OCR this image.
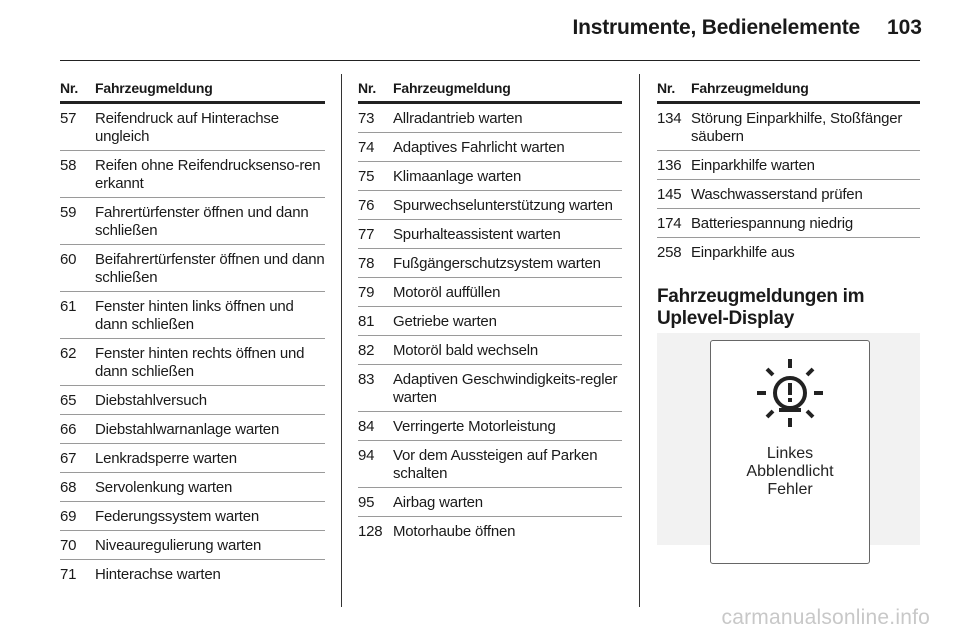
Instrumente, Bedienelemente	103
Nr.	Fahrzeugmeldung
57	Reifendruck auf Hinterachse ungleich
58	Reifen ohne Reifendrucksenso-ren erkannt
59	Fahrertürfenster öffnen und dann schließen
60	Beifahrertürfenster öffnen und dann schließen
61	Fenster hinten links öffnen und dann schließen
62	Fenster hinten rechts öffnen und dann schließen
65	Diebstahlversuch
66	Diebstahlwarnanlage warten
67	Lenkradsperre warten
68	Servolenkung warten
69	Federungssystem warten
70	Niveauregulierung warten
71	Hinterachse warten
Nr.	Fahrzeugmeldung
73	Allradantrieb warten
74	Adaptives Fahrlicht warten
75	Klimaanlage warten
76	Spurwechselunterstützung warten
77	Spurhalteassistent warten
78	Fußgängerschutzsystem warten
79	Motoröl auffüllen
81	Getriebe warten
82	Motoröl bald wechseln
83	Adaptiven Geschwindigkeits-regler warten
84	Verringerte Motorleistung
94	Vor dem Aussteigen auf Parken schalten
95	Airbag warten
128 Motorhaube öffnen
Nr.	Fahrzeugmeldung
134 Störung Einparkhilfe, Stoßfänger säubern
136 Einparkhilfe warten
145 Waschwasserstand prüfen
174 Batteriespannung niedrig
258 Einparkhilfe aus
Fahrzeugmeldungen im
Uplevel-Display
Linkes
Abblendlicht
Fehler
carmanualsonline.info
